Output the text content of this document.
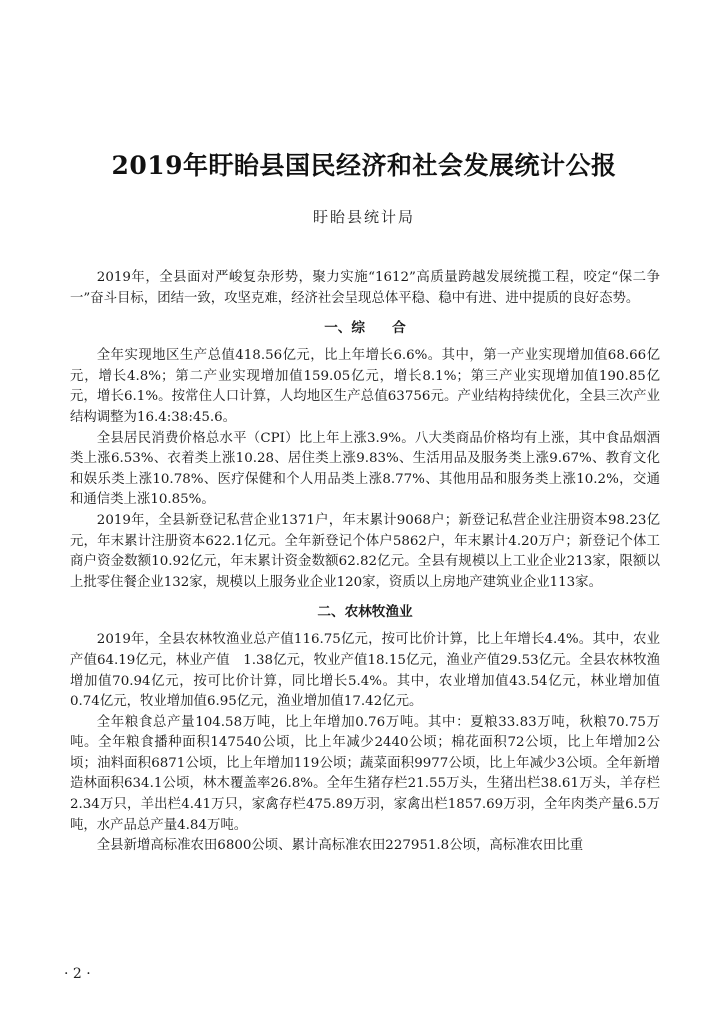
2019年盱眙县国民经济和社会发展统计公报
盱眙县统计局

2019年，全县面对严峻复杂形势，聚力实施“1612”高质量跨越发展统揽工程，咬定“保二争一”奋斗目标，团结一致，攻坚克难，经济社会呈现总体平稳、稳中有进、进中提质的良好态势。

一、综　　合

全年实现地区生产总值418.56亿元，比上年增长6.6%。其中，第一产业实现增加值68.66亿元，增长4.8%；第二产业实现增加值159.05亿元，增长8.1%；第三产业实现增加值190.85亿元，增长6.1%。按常住人口计算，人均地区生产总值63756元。产业结构持续优化，全县三次产业结构调整为16.4:38:45.6。

全县居民消费价格总水平（CPI）比上年上涨3.9%。八大类商品价格均有上涨，其中食品烟酒类上涨6.53%、衣着类上涨10.28、居住类上涨9.83%、生活用品及服务类上涨9.67%、教育文化和娱乐类上涨10.78%、医疗保健和个人用品类上涨8.77%、其他用品和服务类上涨10.2%，交通和通信类上涨10.85%。

2019年，全县新登记私营企业1371户，年末累计9068户；新登记私营企业注册资本98.23亿元，年末累计注册资本622.1亿元。全年新登记个体户5862户，年末累计4.20万户；新登记个体工商户资金数额10.92亿元，年末累计资金数额62.82亿元。全县有规模以上工业企业213家，限额以上批零住餐企业132家，规模以上服务业企业120家，资质以上房地产建筑业企业113家。

二、农林牧渔业

2019年，全县农林牧渔业总产值116.75亿元，按可比价计算，比上年增长4.4%。其中，农业产值64.19亿元，林业产值　1.38亿元，牧业产值18.15亿元，渔业产值29.53亿元。全县农林牧渔增加值70.94亿元，按可比价计算，同比增长5.4%。其中，农业增加值43.54亿元，林业增加值0.74亿元，牧业增加值6.95亿元，渔业增加值17.42亿元。

全年粮食总产量104.58万吨，比上年增加0.76万吨。其中：夏粮33.83万吨，秋粮70.75万吨。全年粮食播种面积147540公顷，比上年减少2440公顷；棉花面积72公顷，比上年增加2公顷；油料面积6871公顷，比上年增加119公顷；蔬菜面积9977公顷，比上年减少3公顷。全年新增造林面积634.1公顷，林木覆盖率26.8%。全年生猪存栏21.55万头，生猪出栏38.61万头，羊存栏2.34万只，羊出栏4.41万只，家禽存栏475.89万羽，家禽出栏1857.69万羽，全年肉类产量6.5万吨，水产品总产量4.84万吨。

全县新增高标准农田6800公顷、累计高标准农田227951.8公顷，高标准农田比重

· 2 ·
